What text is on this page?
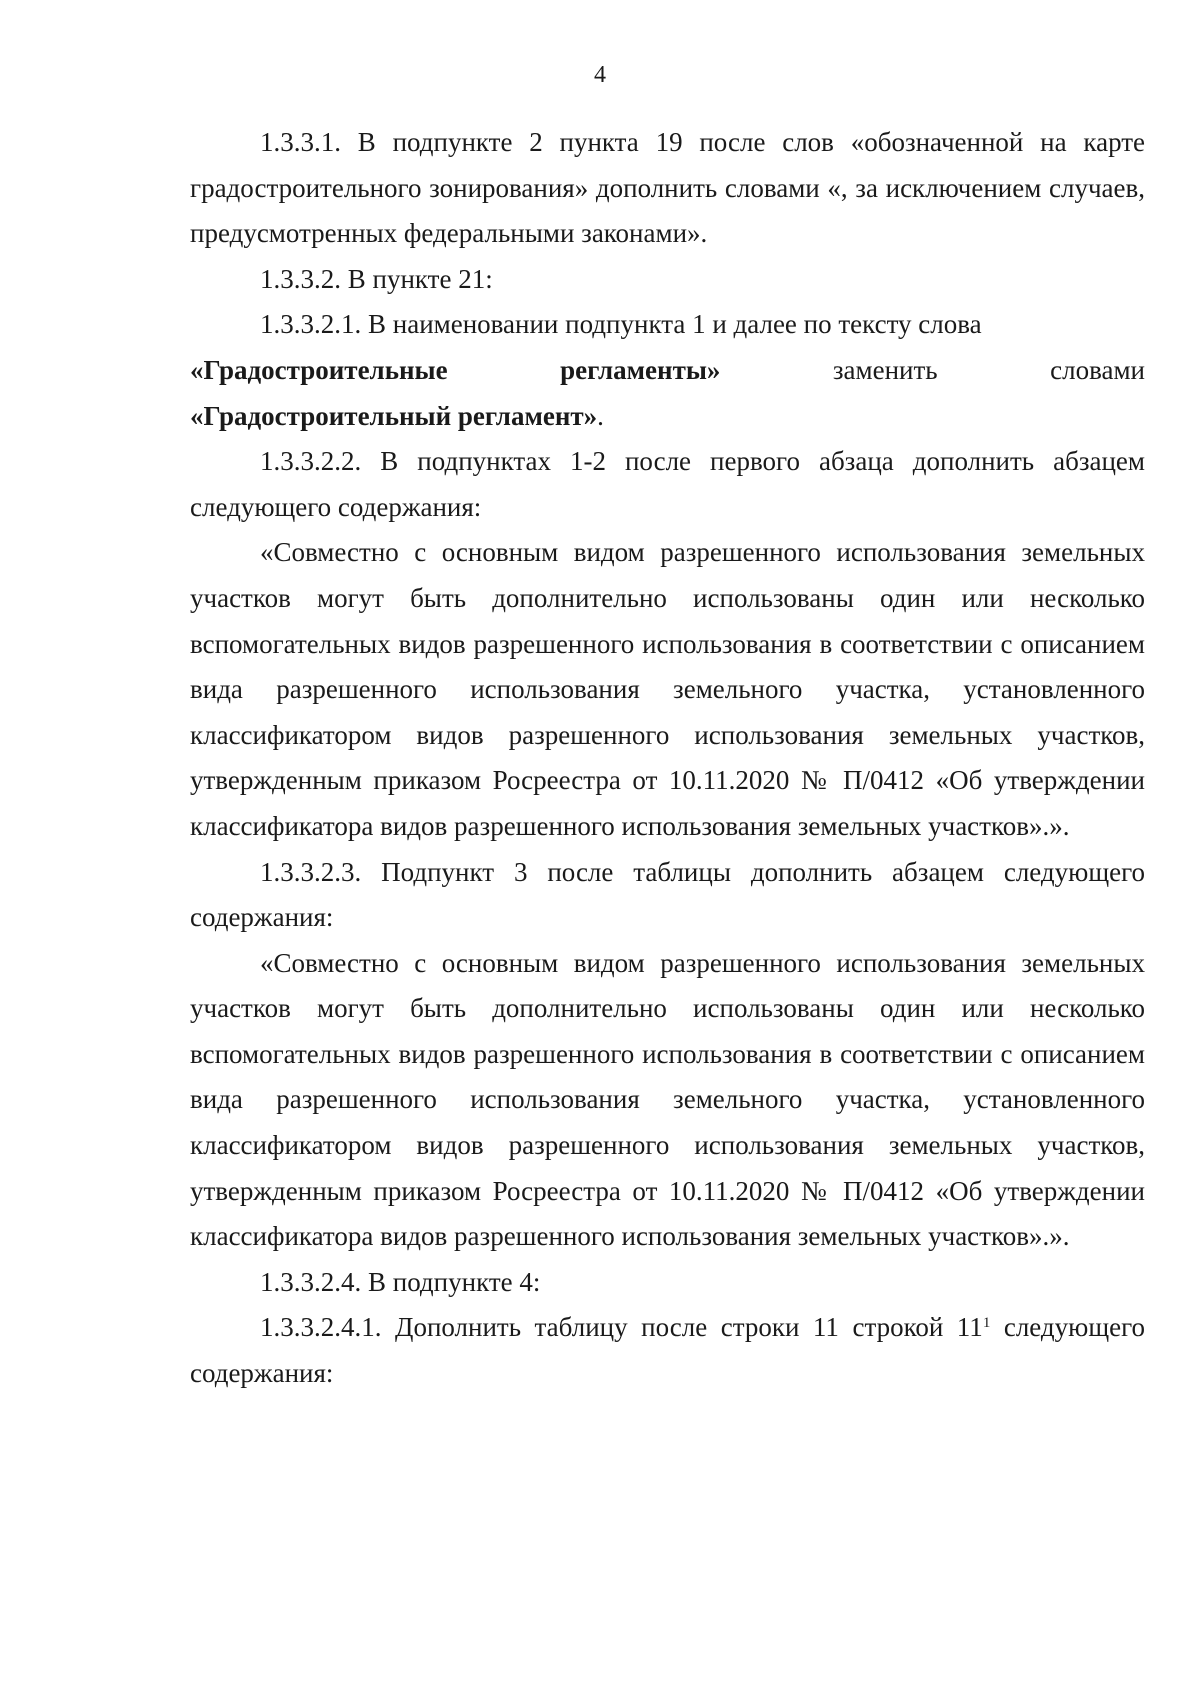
4

1.3.3.1. В подпункте 2 пункта 19 после слов «обозначенной на карте градостроительного зонирования» дополнить словами «, за исключением случаев, предусмотренных федеральными законами».

1.3.3.2. В пункте 21:

1.3.3.2.1. В наименовании подпункта 1 и далее по тексту слова

«Градостроительные	регламенты»	заменить	словами

«Градостроительный регламент».

1.3.3.2.2. В подпунктах 1-2 после первого абзаца дополнить абзацем следующего содержания:

«Совместно с основным видом разрешенного использования земельных участков могут быть дополнительно использованы один или несколько вспомогательных видов разрешенного использования в соответствии с описанием вида разрешенного использования земельного участка, установленного классификатором видов разрешенного использования земельных участков, утвержденным приказом Росреестра от 10.11.2020 № П/0412 «Об утверждении классификатора видов разрешенного использования земельных участков».».

1.3.3.2.3. Подпункт 3 после таблицы дополнить абзацем следующего содержания:

«Совместно с основным видом разрешенного использования земельных участков могут быть дополнительно использованы один или несколько вспомогательных видов разрешенного использования в соответствии с описанием вида разрешенного использования земельного участка, установленного классификатором видов разрешенного использования земельных участков, утвержденным приказом Росреестра от 10.11.2020 № П/0412 «Об утверждении классификатора видов разрешенного использования земельных участков».».

1.3.3.2.4. В подпункте 4:

1.3.3.2.4.1. Дополнить таблицу после строки 11 строкой $11^1$ следующего содержания:
